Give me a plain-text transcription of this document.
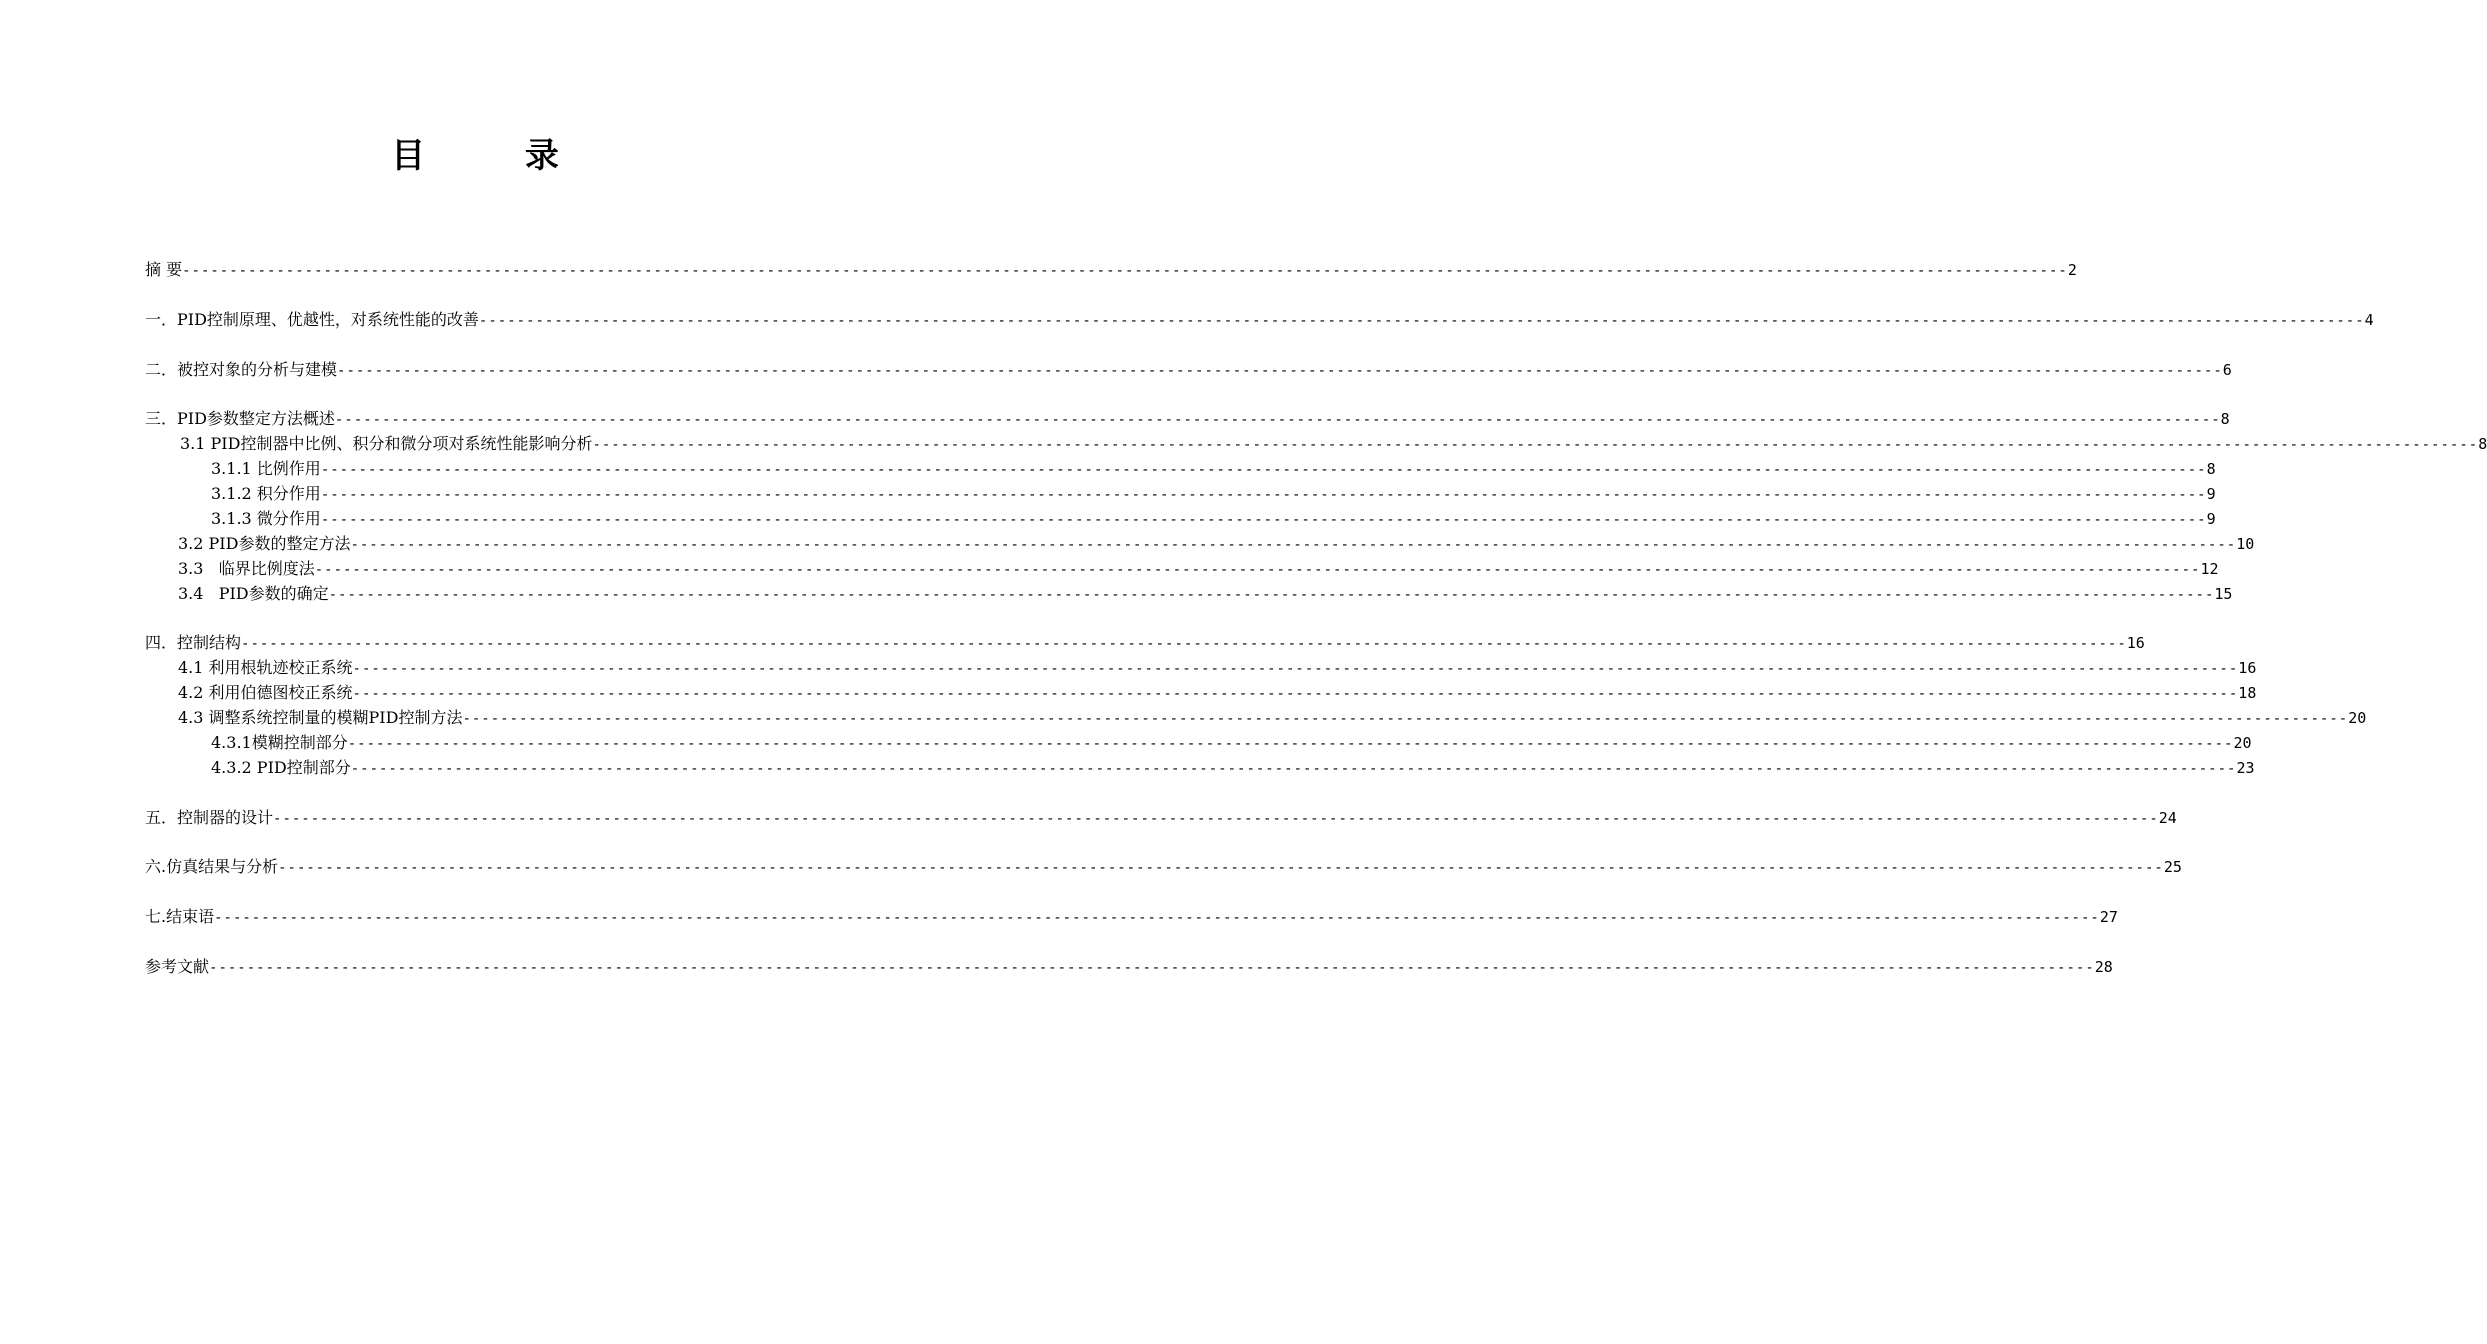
目 录
摘 要 -------------------------------------------------------------------------------------------------------------------------------------------------------------------------------------------------------- 2
一．PID控制原理、优越性，对系统性能的改善 -------------------------------------------------------------------------------------------------------------------------------------------------------------------------------------------------------- 4
二．被控对象的分析与建模 -------------------------------------------------------------------------------------------------------------------------------------------------------------------------------------------------------- 6
三．PID参数整定方法概述 -------------------------------------------------------------------------------------------------------------------------------------------------------------------------------------------------------- 8
3.1 PID控制器中比例、积分和微分项对系统性能影响分析 -------------------------------------------------------------------------------------------------------------------------------------------------------------------------------------------------------- 8
3.1.1 比例作用 -------------------------------------------------------------------------------------------------------------------------------------------------------------------------------------------------------- 8
3.1.2 积分作用 -------------------------------------------------------------------------------------------------------------------------------------------------------------------------------------------------------- 9
3.1.3 微分作用 -------------------------------------------------------------------------------------------------------------------------------------------------------------------------------------------------------- 9
3.2 PID参数的整定方法 -------------------------------------------------------------------------------------------------------------------------------------------------------------------------------------------------------- 10
3.3   临界比例度法 -------------------------------------------------------------------------------------------------------------------------------------------------------------------------------------------------------- 12
3.4   PID参数的确定 -------------------------------------------------------------------------------------------------------------------------------------------------------------------------------------------------------- 15
四．控制结构 -------------------------------------------------------------------------------------------------------------------------------------------------------------------------------------------------------- 16
4.1 利用根轨迹校正系统 -------------------------------------------------------------------------------------------------------------------------------------------------------------------------------------------------------- 16
4.2 利用伯德图校正系统 -------------------------------------------------------------------------------------------------------------------------------------------------------------------------------------------------------- 18
4.3 调整系统控制量的模糊PID控制方法 -------------------------------------------------------------------------------------------------------------------------------------------------------------------------------------------------------- 20
4.3.1模糊控制部分 -------------------------------------------------------------------------------------------------------------------------------------------------------------------------------------------------------- 20
4.3.2 PID控制部分 -------------------------------------------------------------------------------------------------------------------------------------------------------------------------------------------------------- 23
五．控制器的设计 -------------------------------------------------------------------------------------------------------------------------------------------------------------------------------------------------------- 24
六.仿真结果与分析 -------------------------------------------------------------------------------------------------------------------------------------------------------------------------------------------------------- 25
七.结束语 -------------------------------------------------------------------------------------------------------------------------------------------------------------------------------------------------------- 27
参考文献 -------------------------------------------------------------------------------------------------------------------------------------------------------------------------------------------------------- 28
